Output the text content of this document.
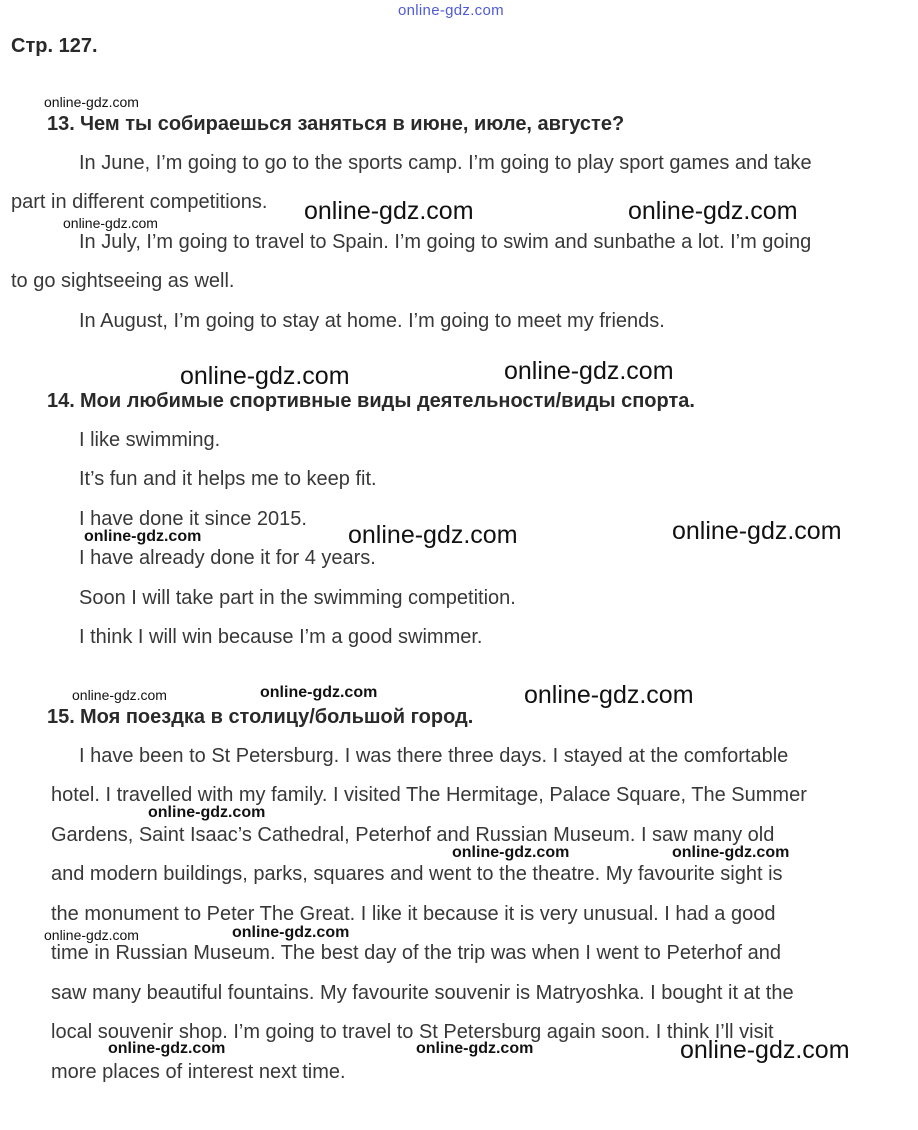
online-gdz.com
Стр. 127.
13. Чем ты собираешься заняться в июне, июле, августе?
In June, I’m going to go to the sports camp. I’m going to play sport games and take
part in different competitions.
In July, I’m going to travel to Spain. I’m going to swim and sunbathe a lot. I’m going
to go sightseeing as well.
In August, I’m going to stay at home. I’m going to meet my friends.
14. Мои любимые спортивные виды деятельности/виды спорта.
I like swimming.
It’s fun and it helps me to keep fit.
I have done it since 2015.
I have already done it for 4 years.
Soon I will take part in the swimming competition.
I think I will win because I’m a good swimmer.
15. Моя поездка в столицу/большой город.
I have been to St Petersburg. I was there three days. I stayed at the comfortable
hotel. I travelled with my family. I visited The Hermitage, Palace Square, The Summer
Gardens, Saint Isaac’s Cathedral, Peterhof and Russian Museum. I saw many old
and modern buildings, parks, squares and went to the theatre. My favourite sight is
the monument to Peter The Great. I like it because it is very unusual. I had a good
time in Russian Museum. The best day of the trip was when I went to Peterhof and
saw many beautiful fountains. My favourite souvenir is Matryoshka. I bought it at the
local souvenir shop. I’m going to travel to St Petersburg again soon. I think I’ll visit
more places of interest next time.
online-gdz.com
online-gdz.com	online-gdz.com	online-gdz.com
online-gdz.com	online-gdz.com
online-gdz.com	online-gdz.com	online-gdz.com
online-gdz.com	online-gdz.com	online-gdz.com
online-gdz.com
online-gdz.com	online-gdz.com
online-gdz.com	online-gdz.com
online-gdz.com	online-gdz.com	online-gdz.com
